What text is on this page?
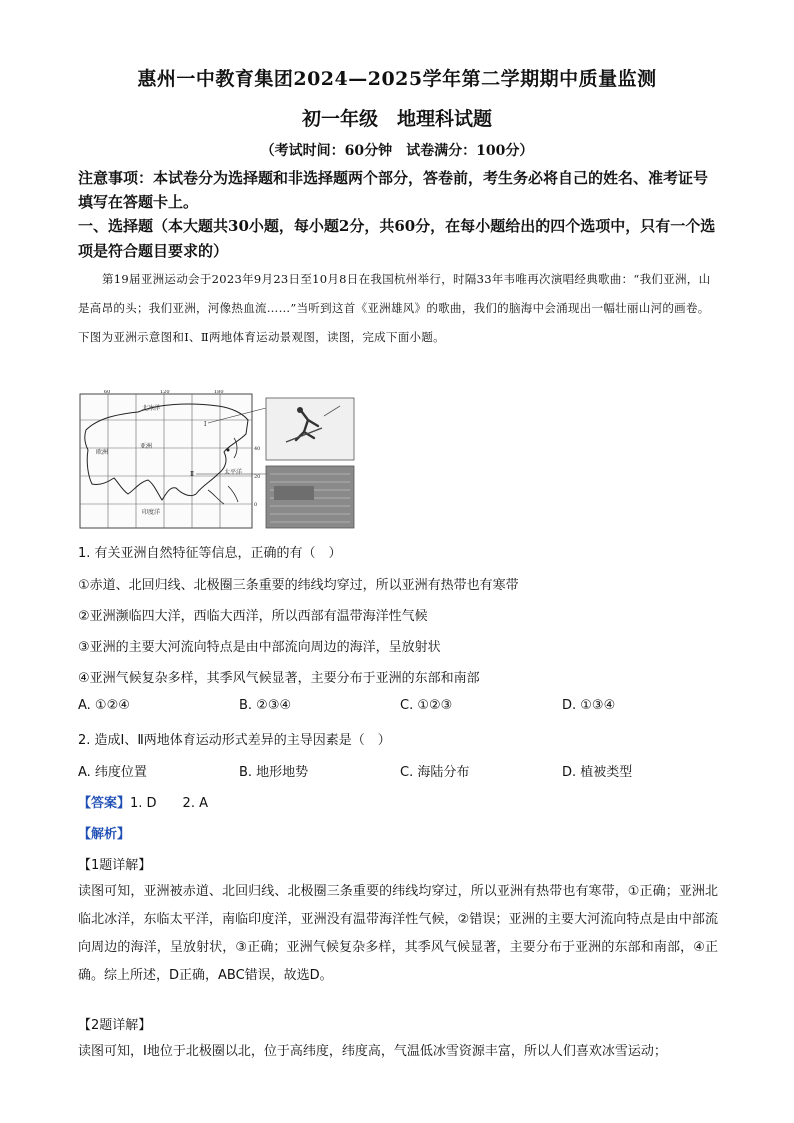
惠州一中教育集团2024—2025学年第二学期期中质量监测
初一年级　地理科试题
（考试时间：60分钟　试卷满分：100分）
注意事项：本试卷分为选择题和非选择题两个部分，答卷前，考生务必将自己的姓名、准考证号填写在答题卡上。
一、选择题（本大题共30小题，每小题2分，共60分，在每小题给出的四个选项中，只有一个选项是符合题目要求的）
第19届亚洲运动会于2023年9月23日至10月8日在我国杭州举行，时隔33年韦唯再次演唱经典歌曲：“我们亚洲，山是高昂的头；我们亚洲，河像热血流……”当听到这首《亚洲雄风》的歌曲，我们的脑海中会涌现出一幅壮丽山河的画卷。下图为亚洲示意图和Ⅰ、Ⅱ两地体育运动景观图，读图，完成下面小题。
北冰洋
欧洲
亚洲
Ⅰ
Ⅱ	太平洋
印度洋
40
20
0
60	120	180
1. 有关亚洲自然特征等信息，正确的有（　）
①赤道、北回归线、北极圈三条重要的纬线均穿过，所以亚洲有热带也有寒带
②亚洲濒临四大洋，西临大西洋，所以西部有温带海洋性气候
③亚洲的主要大河流向特点是由中部流向周边的海洋，呈放射状
④亚洲气候复杂多样，其季风气候显著，主要分布于亚洲的东部和南部
A. ①②④	B. ②③④	C. ①②③	D. ①③④
2. 造成Ⅰ、Ⅱ两地体育运动形式差异的主导因素是（　）
A. 纬度位置	B. 地形地势	C. 海陆分布	D. 植被类型
【答案】1. D　　2. A
【解析】
【1题详解】
读图可知，亚洲被赤道、北回归线、北极圈三条重要的纬线均穿过，所以亚洲有热带也有寒带，①正确；亚洲北临北冰洋，东临太平洋，南临印度洋，亚洲没有温带海洋性气候，②错误；亚洲的主要大河流向特点是由中部流向周边的海洋，呈放射状，③正确；亚洲气候复杂多样，其季风气候显著，主要分布于亚洲的东部和南部，④正确。综上所述，D正确，ABC错误，故选D。
【2题详解】
读图可知，I地位于北极圈以北，位于高纬度，纬度高，气温低冰雪资源丰富，所以人们喜欢冰雪运动；
